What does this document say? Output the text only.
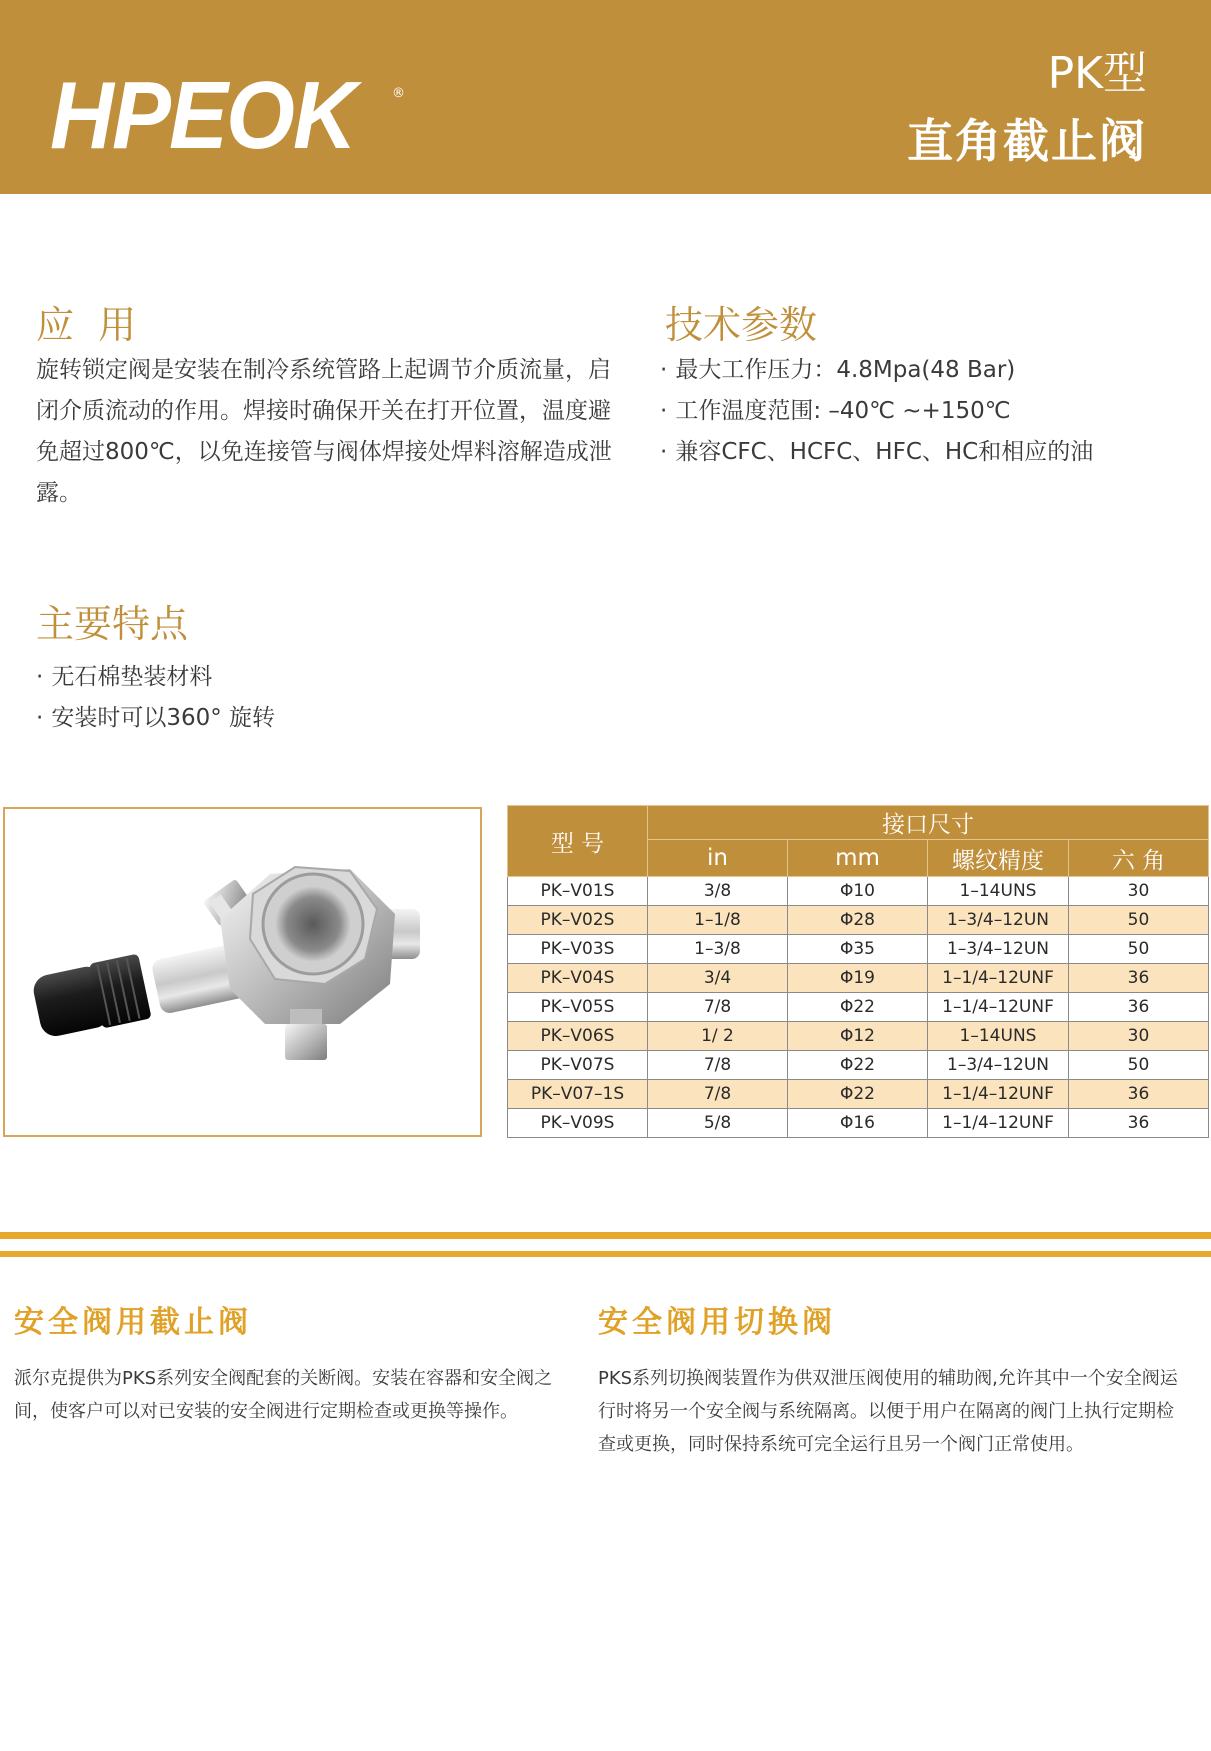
HPEOK	®	PK型
直角截止阀
应  用

旋转锁定阀是安装在制冷系统管路上起调节介质流量，启闭介质流动的作用。焊接时确保开关在打开位置，温度避免超过800℃，以免连接管与阀体焊接处焊料溶解造成泄露。

技术参数
· 最大工作压力：4.8Mpa(48 Bar)
· 工作温度范围: –40℃ ~+150℃
· 兼容CFC、HCFC、HFC、HC和相应的油
主要特点
· 无石棉垫装材料
· 安装时可以360° 旋转
型 号	接口尺寸			
	in	mm	螺纹精度	六 角
PK–V01S	3/8	Φ10	1–14UNS	30
PK–V02S	1–1/8	Φ28	1–3/4–12UN	50
PK–V03S	1–3/8	Φ35	1–3/4–12UN	50
PK–V04S	3/4	Φ19	1–1/4–12UNF	36
PK–V05S	7/8	Φ22	1–1/4–12UNF	36
PK–V06S	1/ 2	Φ12	1–14UNS	30
PK–V07S	7/8	Φ22	1–3/4–12UN	50
PK–V07–1S	7/8	Φ22	1–1/4–12UNF	36
PK–V09S	5/8	Φ16	1–1/4–12UNF	36
安全阀用截止阀

派尔克提供为PKS系列安全阀配套的关断阀。安装在容器和安全阀之间，使客户可以对已安装的安全阀进行定期检查或更换等操作。

安全阀用切换阀

PKS系列切换阀装置作为供双泄压阀使用的辅助阀,允许其中一个安全阀运行时将另一个安全阀与系统隔离。以便于用户在隔离的阀门上执行定期检查或更换，同时保持系统可完全运行且另一个阀门正常使用。
